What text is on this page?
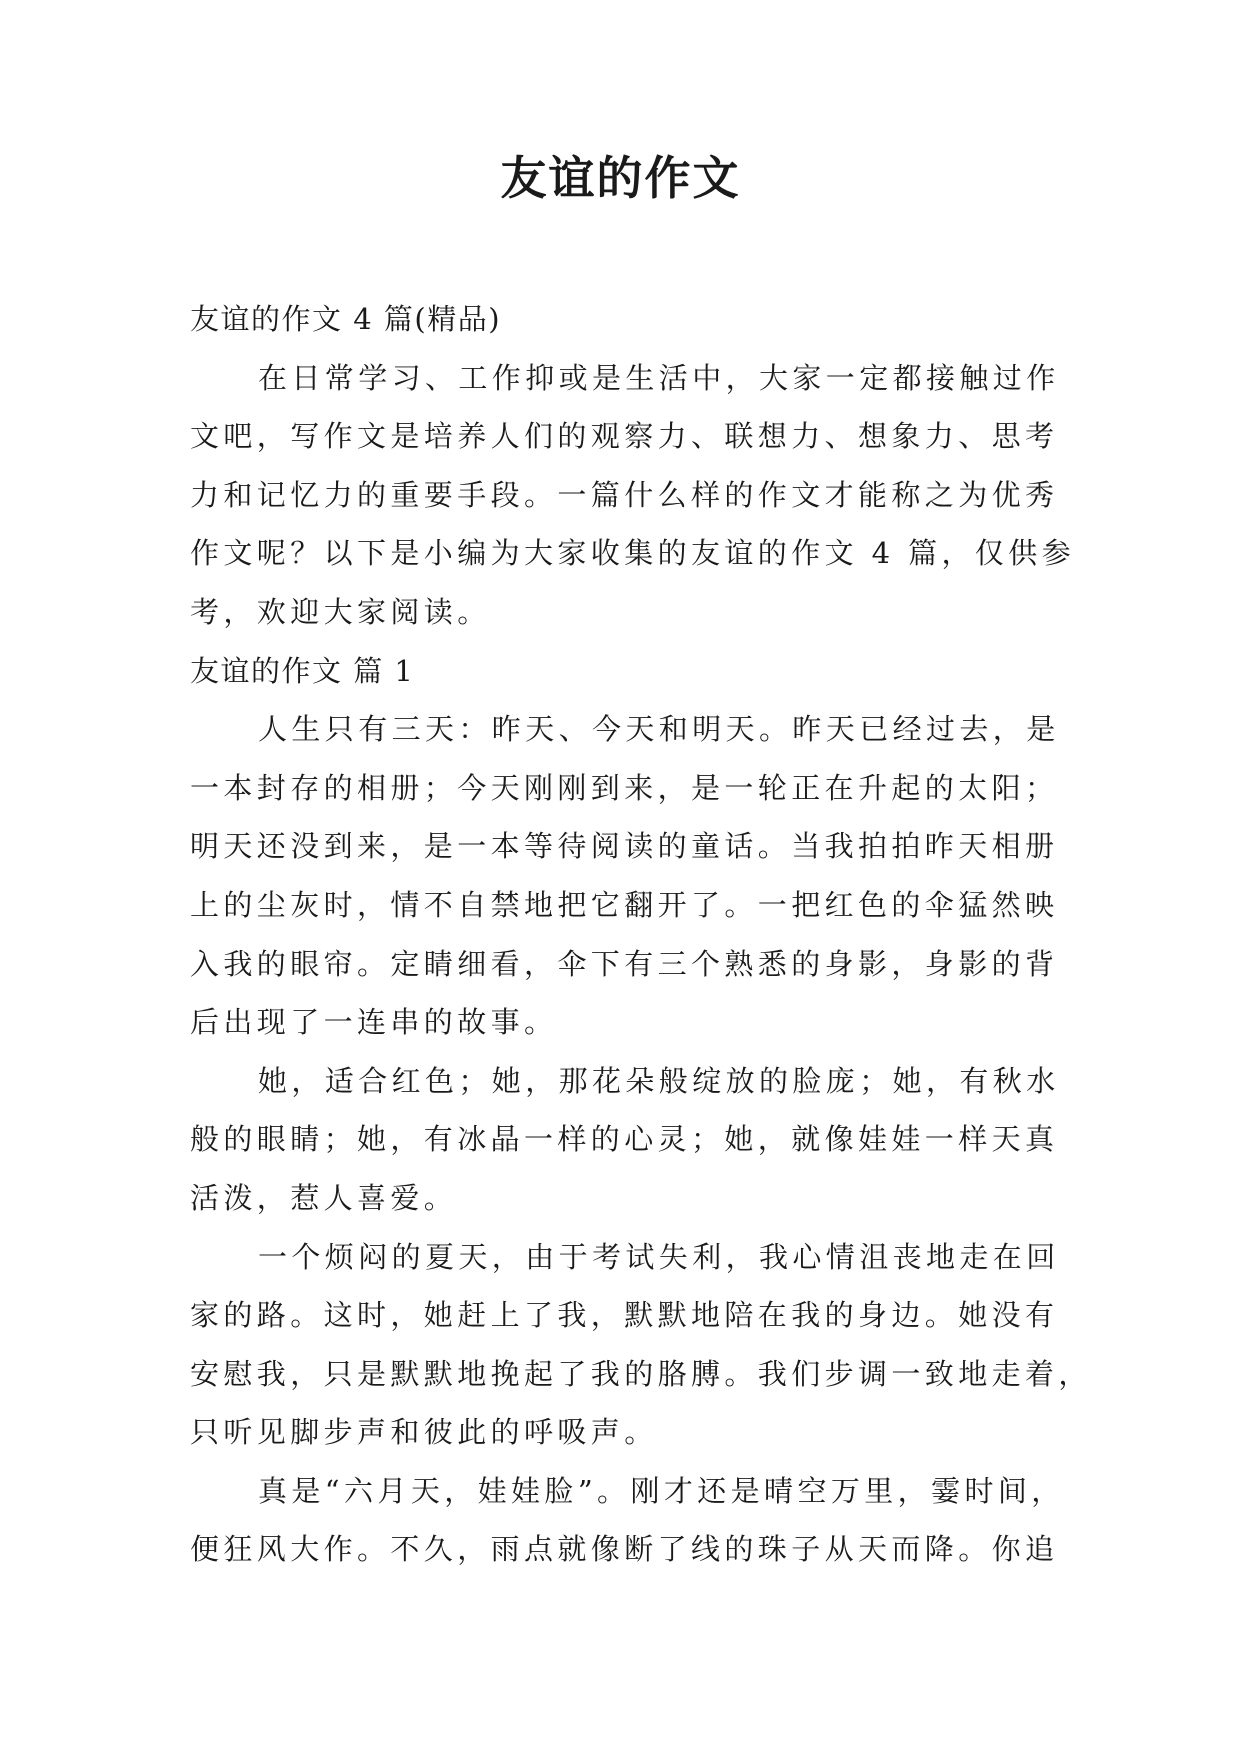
友谊的作文
友谊的作文 4 篇(精品)
在日常学习、工作抑或是生活中，大家一定都接触过作
文吧，写作文是培养人们的观察力、联想力、想象力、思考
力和记忆力的重要手段。一篇什么样的作文才能称之为优秀
作文呢？以下是小编为大家收集的友谊的作文 4 篇，仅供参
考，欢迎大家阅读。
友谊的作文 篇 1
人生只有三天：昨天、今天和明天。昨天已经过去，是
一本封存的相册；今天刚刚到来，是一轮正在升起的太阳；
明天还没到来，是一本等待阅读的童话。当我拍拍昨天相册
上的尘灰时，情不自禁地把它翻开了。一把红色的伞猛然映
入我的眼帘。定睛细看，伞下有三个熟悉的身影，身影的背
后出现了一连串的故事。
她，适合红色；她，那花朵般绽放的脸庞；她，有秋水
般的眼睛；她，有冰晶一样的心灵；她，就像娃娃一样天真
活泼，惹人喜爱。
一个烦闷的夏天，由于考试失利，我心情沮丧地走在回
家的路。这时，她赶上了我，默默地陪在我的身边。她没有
安慰我，只是默默地挽起了我的胳膊。我们步调一致地走着，
只听见脚步声和彼此的呼吸声。
真是“六月天，娃娃脸”。刚才还是晴空万里，霎时间，
便狂风大作。不久，雨点就像断了线的珠子从天而降。你追
